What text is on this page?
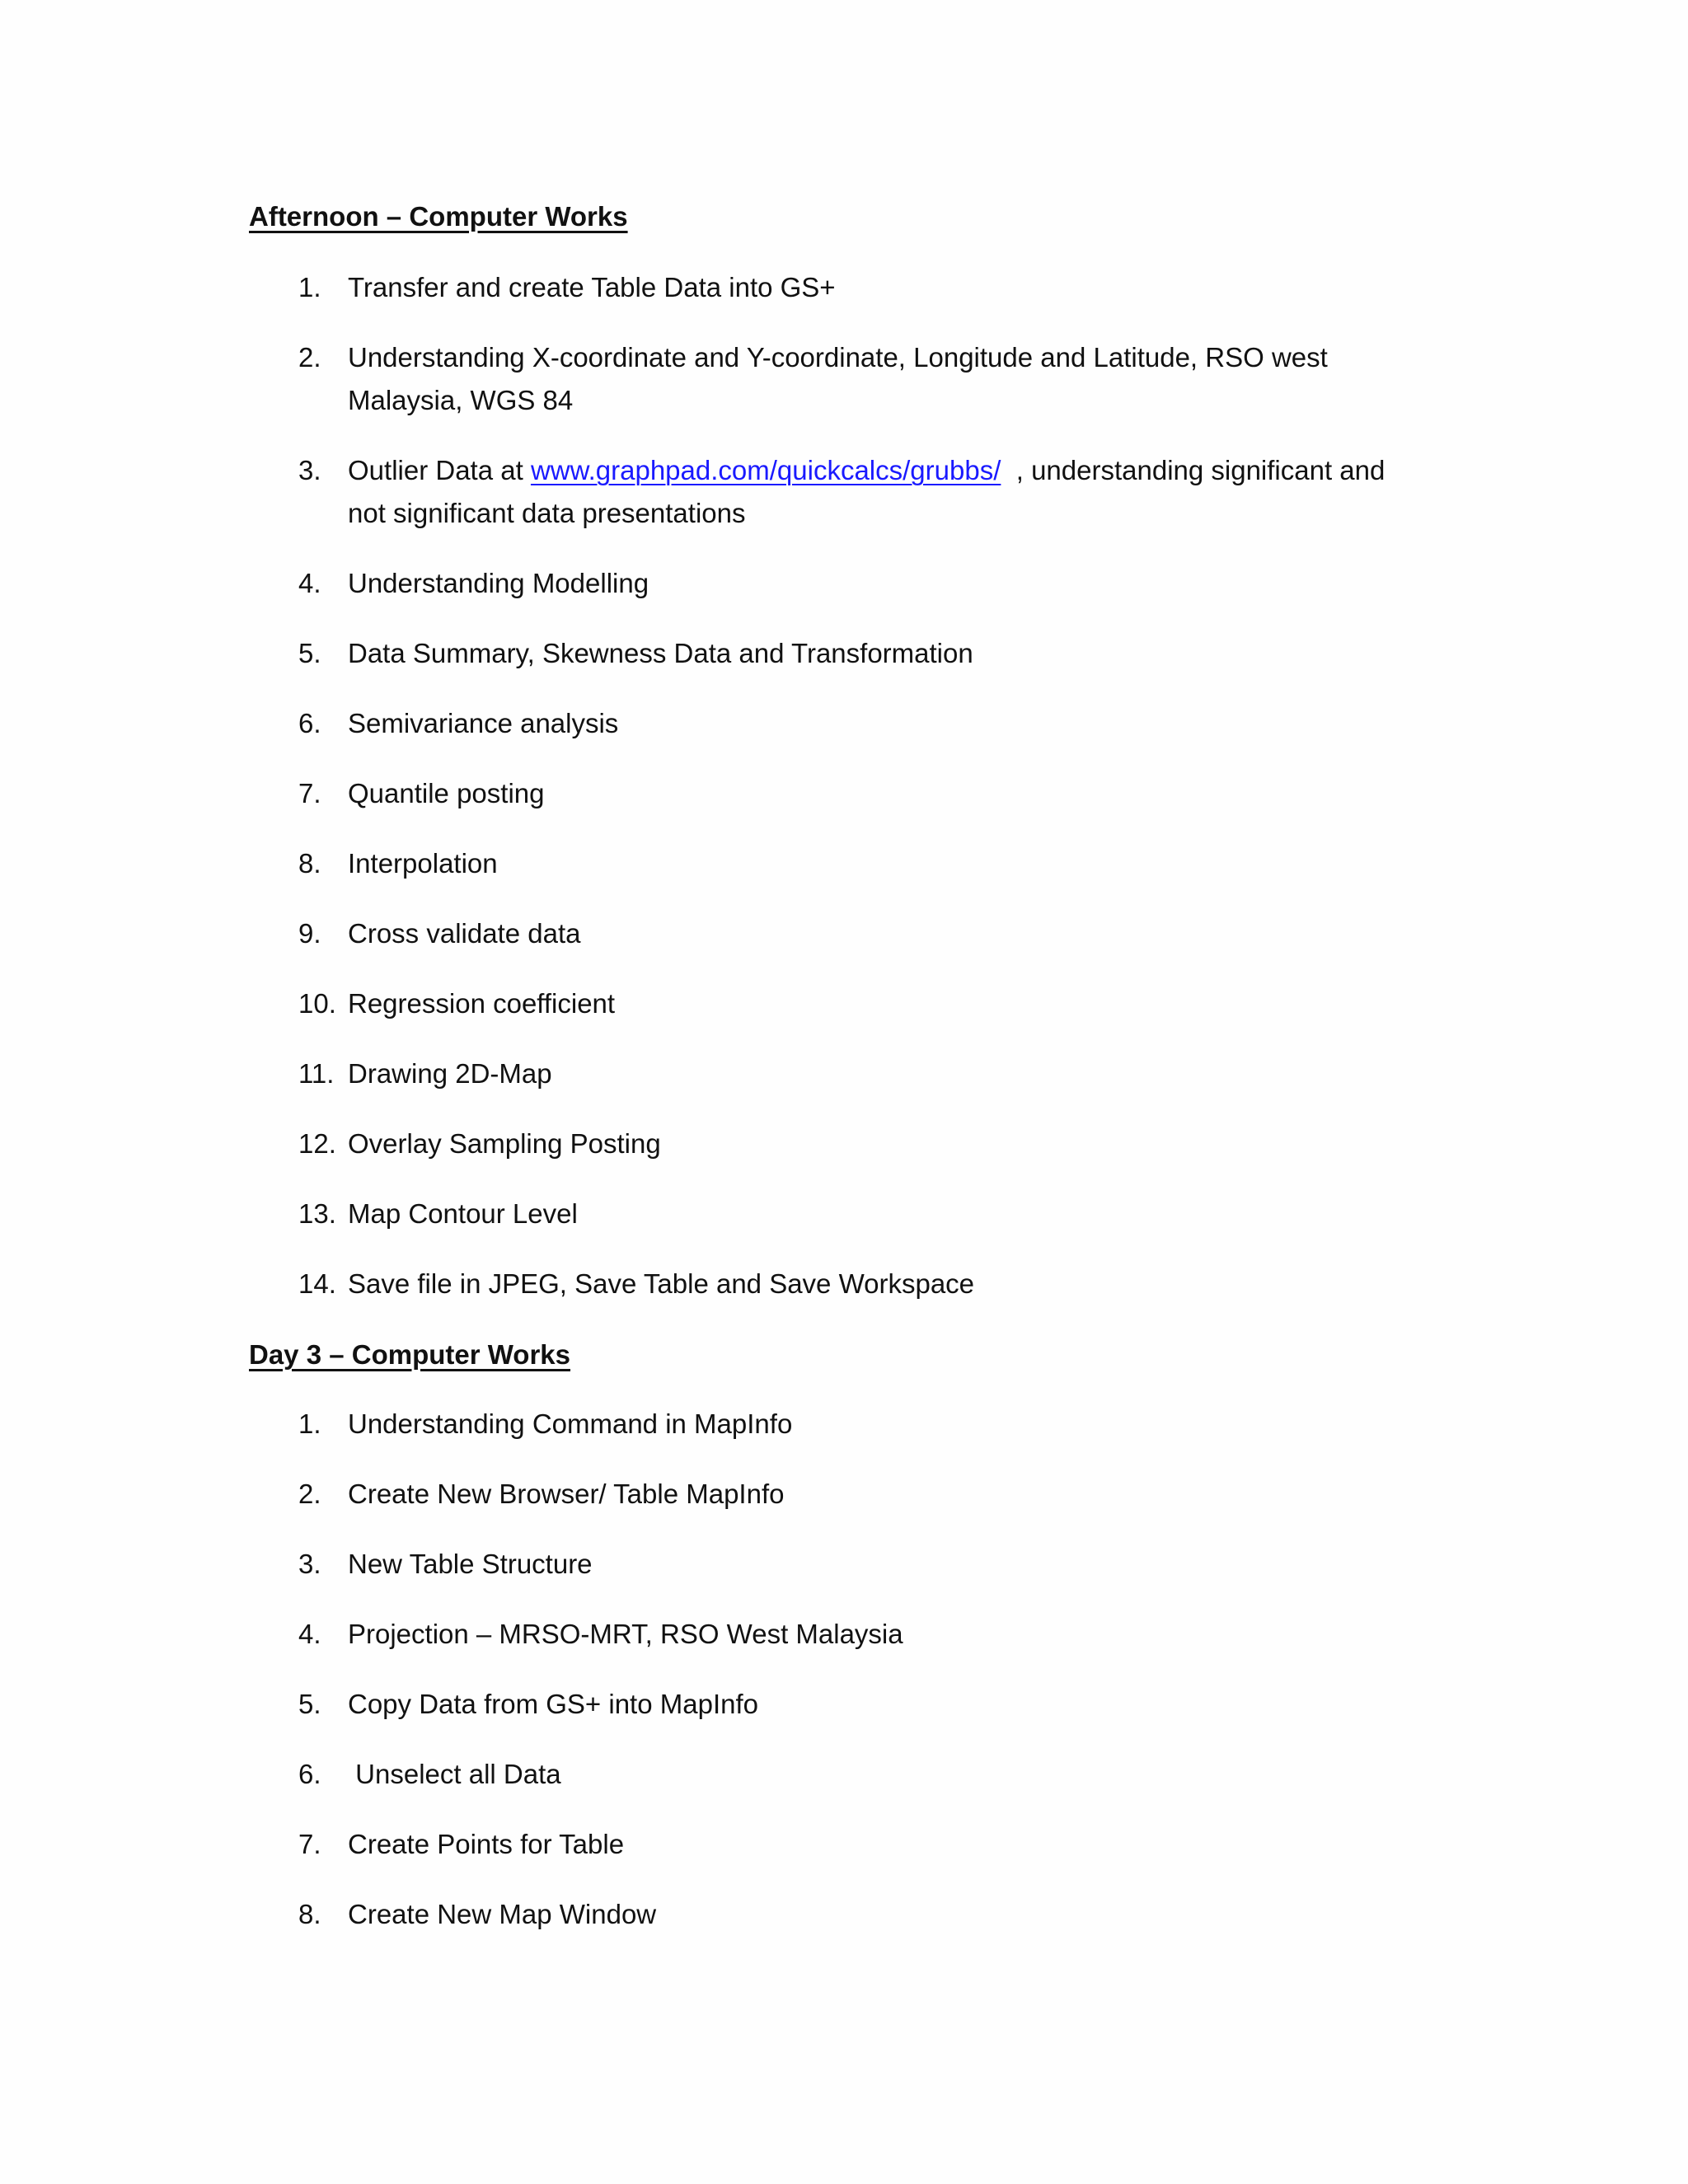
Afternoon – Computer Works
1. Transfer and create Table Data into GS+
2. Understanding X-coordinate and Y-coordinate, Longitude and Latitude, RSO west
Malaysia, WGS 84
3. Outlier Data at www.graphpad.com/quickcalcs/grubbs/  , understanding significant and
not significant data presentations
4. Understanding Modelling
5. Data Summary, Skewness Data and Transformation
6. Semivariance analysis
7. Quantile posting
8. Interpolation
9. Cross validate data
10. Regression coefficient
11. Drawing 2D-Map
12. Overlay Sampling Posting
13. Map Contour Level
14. Save file in JPEG, Save Table and Save Workspace
Day 3 – Computer Works
1. Understanding Command in MapInfo
2. Create New Browser/ Table MapInfo
3. New Table Structure
4. Projection – MRSO-MRT, RSO West Malaysia
5. Copy Data from GS+ into MapInfo
6. Unselect all Data
7. Create Points for Table
8. Create New Map Window
